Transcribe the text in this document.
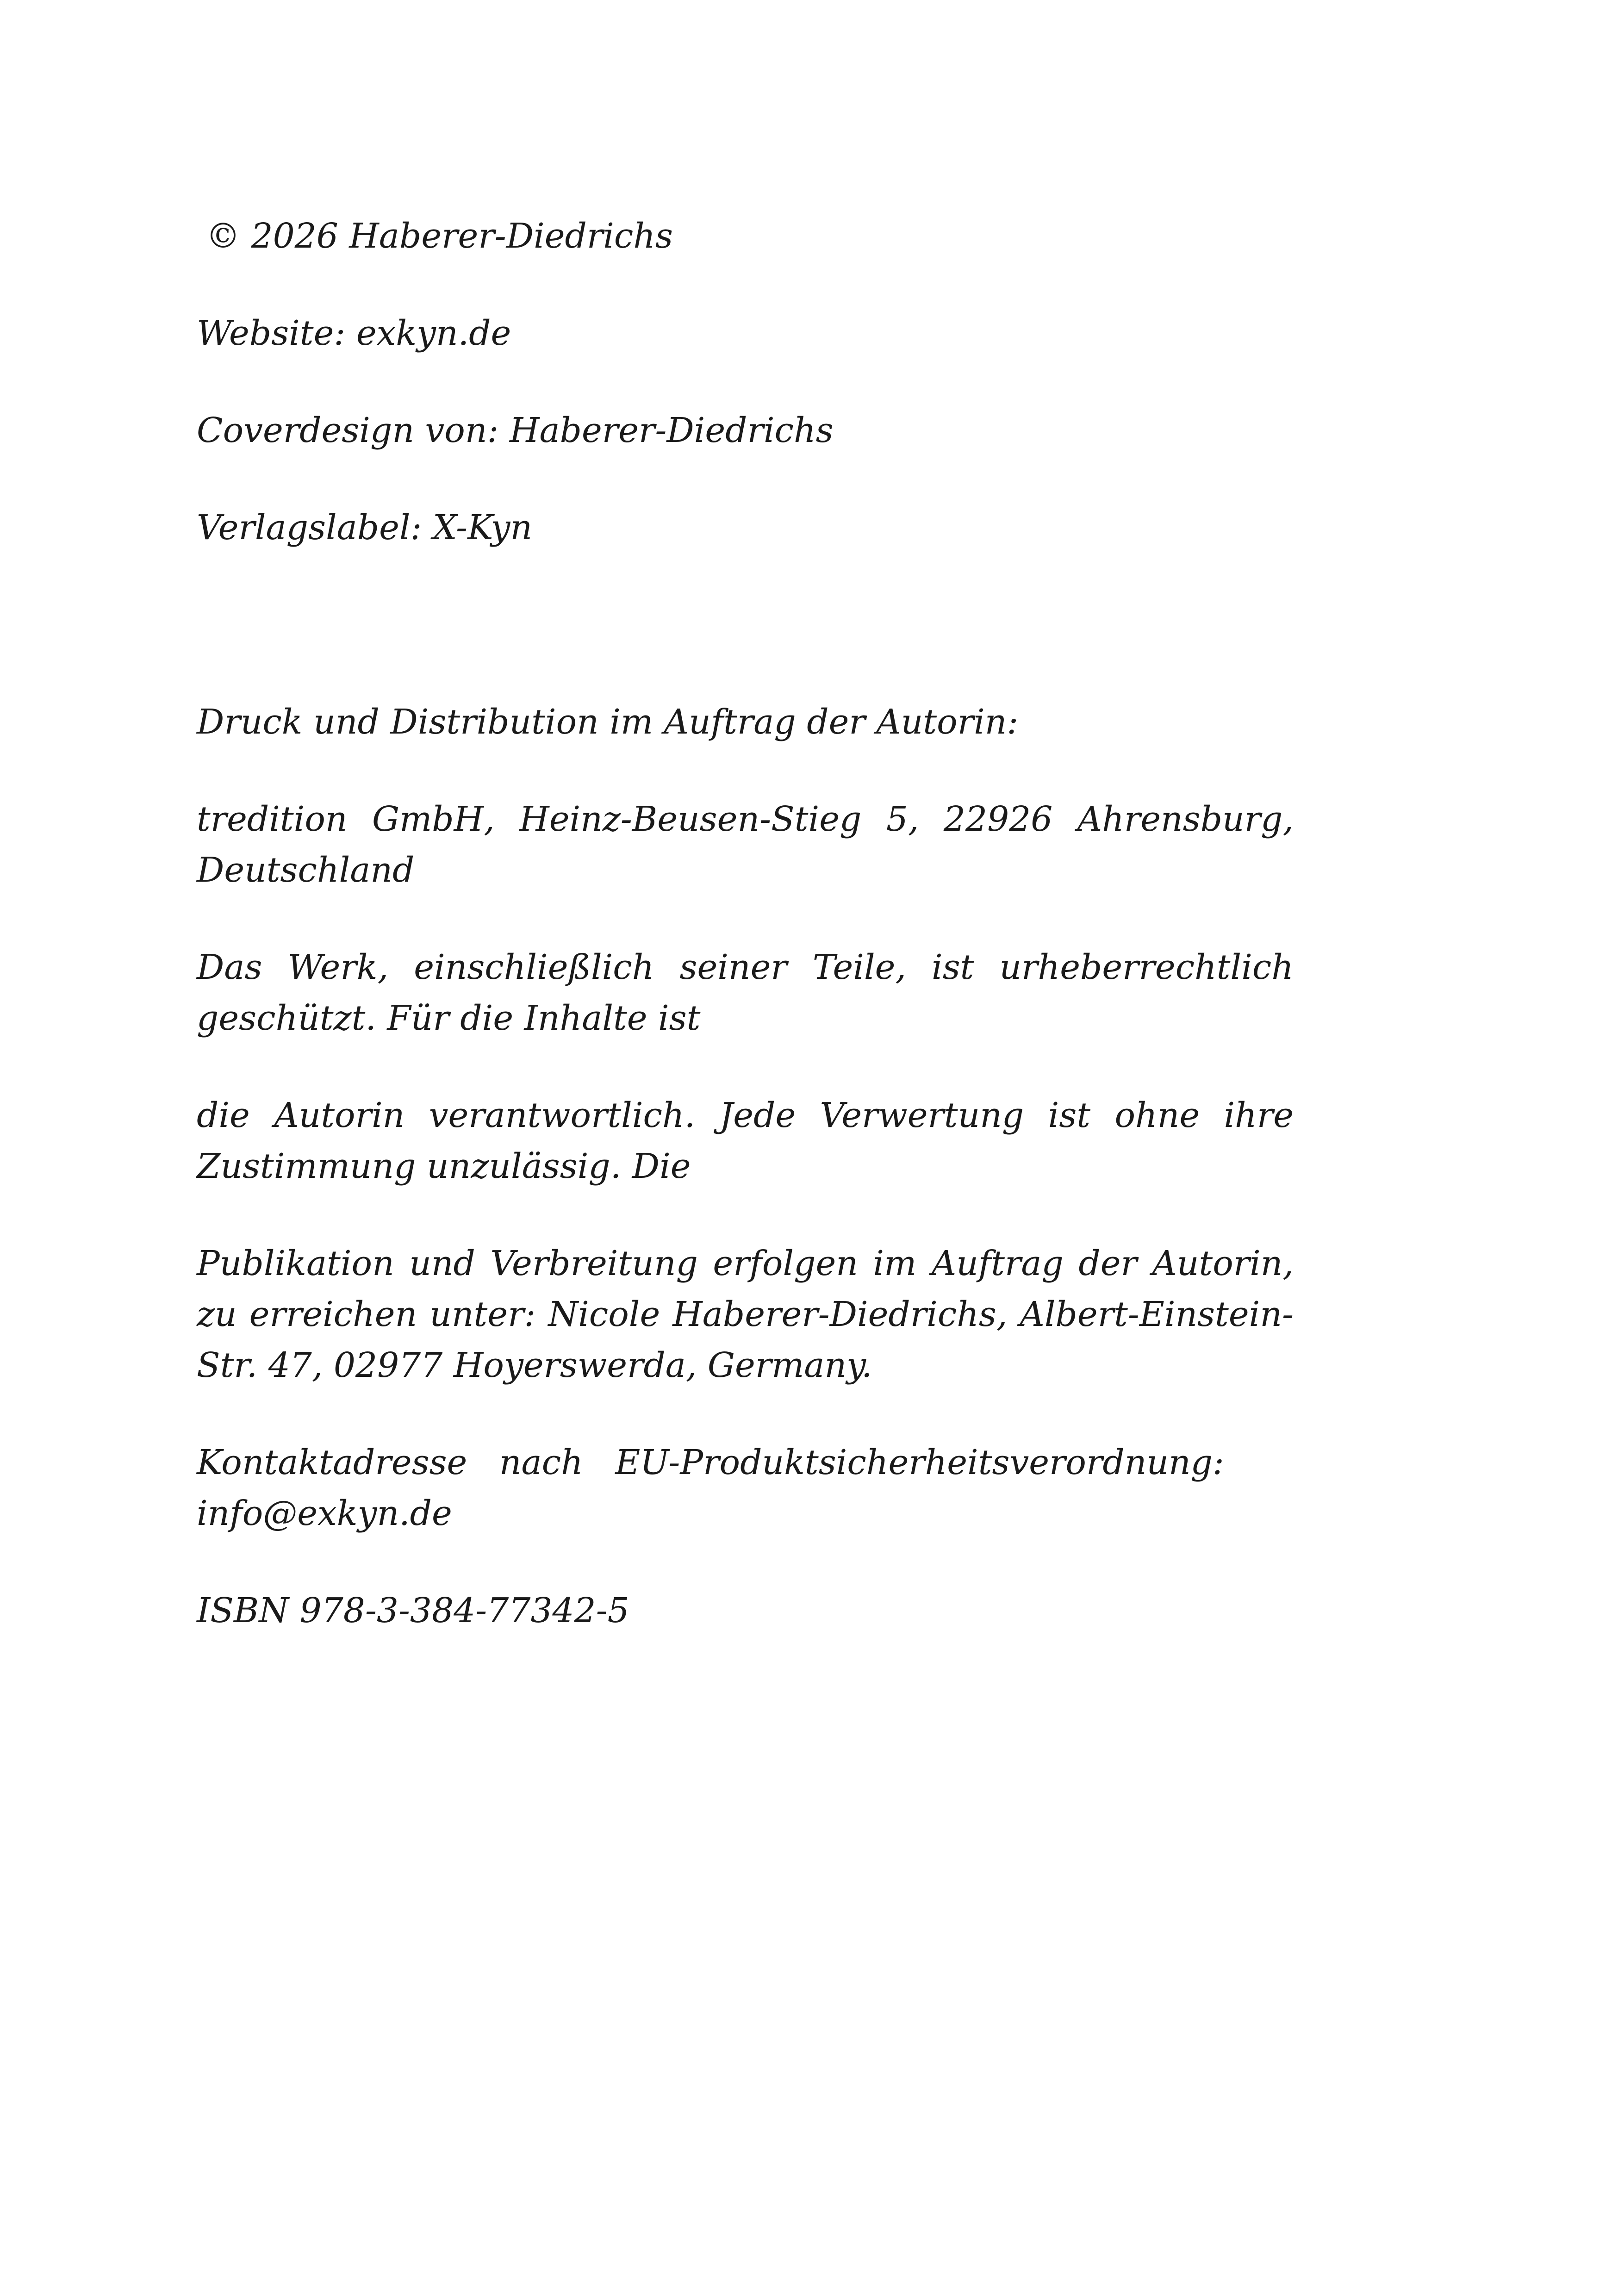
© 2026 Haberer-Diedrichs

Website: exkyn.de

Coverdesign von: Haberer-Diedrichs

Verlagslabel: X-Kyn

Druck und Distribution im Auftrag der Autorin:

tredition GmbH, Heinz-Beusen-Stieg 5, 22926 Ahrensburg, Deutschland

Das Werk, einschließlich seiner Teile, ist urheberrechtlich geschützt. Für die Inhalte ist

die Autorin verantwortlich. Jede Verwertung ist ohne ihre Zustimmung unzulässig. Die

Publikation und Verbreitung erfolgen im Auftrag der Autorin, zu erreichen unter: Nicole Haberer-Diedrichs, Albert-Einstein-Str. 47, 02977 Hoyerswerda, Germany.

Kontaktadresse nach EU-Produktsicherheitsverordnung: info@exkyn.de

ISBN 978-3-384-77342-5
